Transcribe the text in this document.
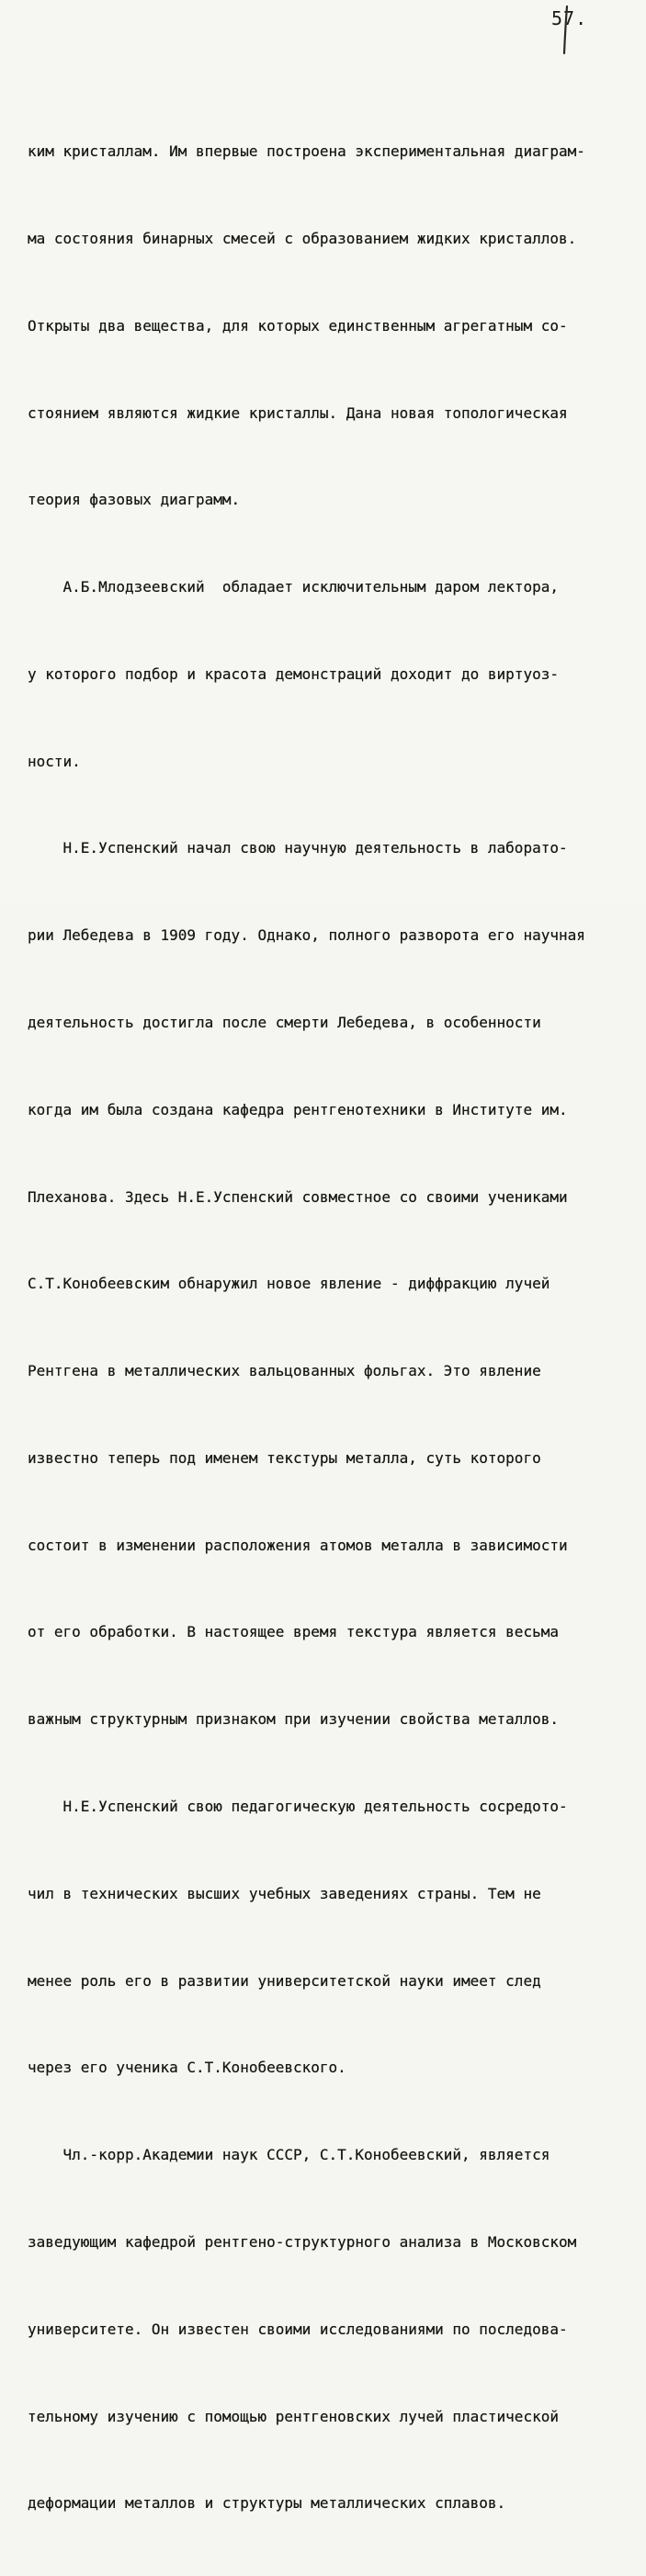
57.

ким кристаллам. Им впервые построена экспериментальная диаграм-

ма состояния бинарных смесей с образованием жидких кристаллов.

Открыты два вещества, для которых единственным агрегатным со-

стоянием являются жидкие кристаллы. Дана новая топологическая

теория фазовых диаграмм.

А.Б.Млодзеевский  обладает исключительным даром лектора,

у которого подбор и красота демонстраций доходит до виртуоз-

ности.

Н.Е.Успенский начал свою научную деятельность в лаборато-

рии Лебедева в 1909 году. Однако, полного разворота его научная

деятельность достигла после смерти Лебедева, в особенности

когда им была создана кафедра рентгенотехники в Институте им.

Плеханова. Здесь Н.Е.Успенский совместное со своими учениками

С.Т.Конобеевским обнаружил новое явление - диффракцию лучей

Рентгена в металлических вальцованных фольгах. Это явление

известно теперь под именем текстуры металла, суть которого

состоит в изменении расположения атомов металла в зависимости

от его обработки. В настоящее время текстура является весьма

важным структурным признаком при изучении свойства металлов.

Н.Е.Успенский свою педагогическую деятельность сосредото-

чил в технических высших учебных заведениях страны. Тем не

менее роль его в развитии университетской науки имеет след

через его ученика С.Т.Конобеевского.

Чл.-корр.Академии наук СССР, С.Т.Конобеевский, является

заведующим кафедрой рентгено-структурного анализа в Московском

университете. Он известен своими исследованиями по последова-

тельному изучению с помощью рентгеновских лучей пластической

деформации металлов и структуры металлических сплавов.
